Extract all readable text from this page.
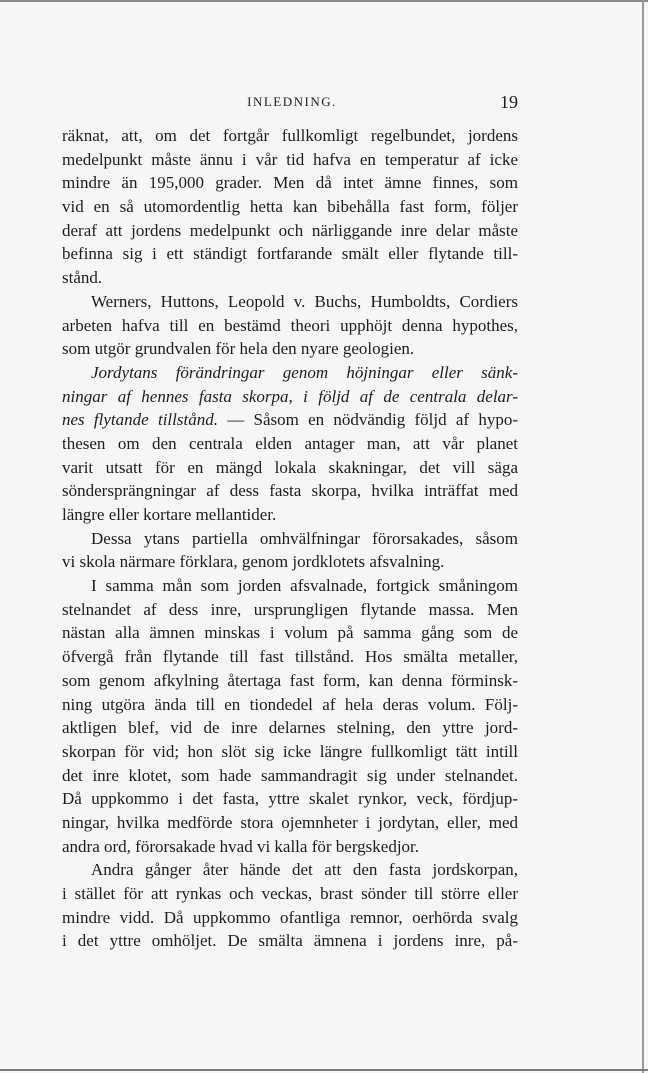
INLEDNING.	19
räknat, att, om det fortgår fullkomligt regelbundet, jordens
medelpunkt måste ännu i vår tid hafva en temperatur af icke
mindre än 195,000 grader. Men då intet ämne finnes, som
vid en så utomordentlig hetta kan bibehålla fast form, följer
deraf att jordens medelpunkt och närliggande inre delar måste
befinna sig i ett ständigt fortfarande smält eller flytande till-
stånd.
Werners, Huttons, Leopold v. Buchs, Humboldts, Cordiers
arbeten hafva till en bestämd theori upphöjt denna hypothes,
som utgör grundvalen för hela den nyare geologien.
Jordytans förändringar genom höjningar eller sänk-
ningar af hennes fasta skorpa, i följd af de centrala delar-
nes flytande tillstånd. — Såsom en nödvändig följd af hypo-
thesen om den centrala elden antager man, att vår planet
varit utsatt för en mängd lokala skakningar, det vill säga
söndersprängningar af dess fasta skorpa, hvilka inträffat med
längre eller kortare mellantider.
Dessa ytans partiella omhvälfningar förorsakades, såsom
vi skola närmare förklara, genom jordklotets afsvalning.
I samma mån som jorden afsvalnade, fortgick småningom
stelnandet af dess inre, ursprungligen flytande massa. Men
nästan alla ämnen minskas i volum på samma gång som de
öfvergå från flytande till fast tillstånd. Hos smälta metaller,
som genom afkylning återtaga fast form, kan denna förminsk-
ning utgöra ända till en tiondedel af hela deras volum. Följ-
aktligen blef, vid de inre delarnes stelning, den yttre jord-
skorpan för vid; hon slöt sig icke längre fullkomligt tätt intill
det inre klotet, som hade sammandragit sig under stelnandet.
Då uppkommo i det fasta, yttre skalet rynkor, veck, fördjup-
ningar, hvilka medförde stora ojemnheter i jordytan, eller, med
andra ord, förorsakade hvad vi kalla för bergskedjor.
Andra gånger åter hände det att den fasta jordskorpan,
i stället för att rynkas och veckas, brast sönder till större eller
mindre vidd. Då uppkommo ofantliga remnor, oerhörda svalg
i det yttre omhöljet. De smälta ämnena i jordens inre, på-
